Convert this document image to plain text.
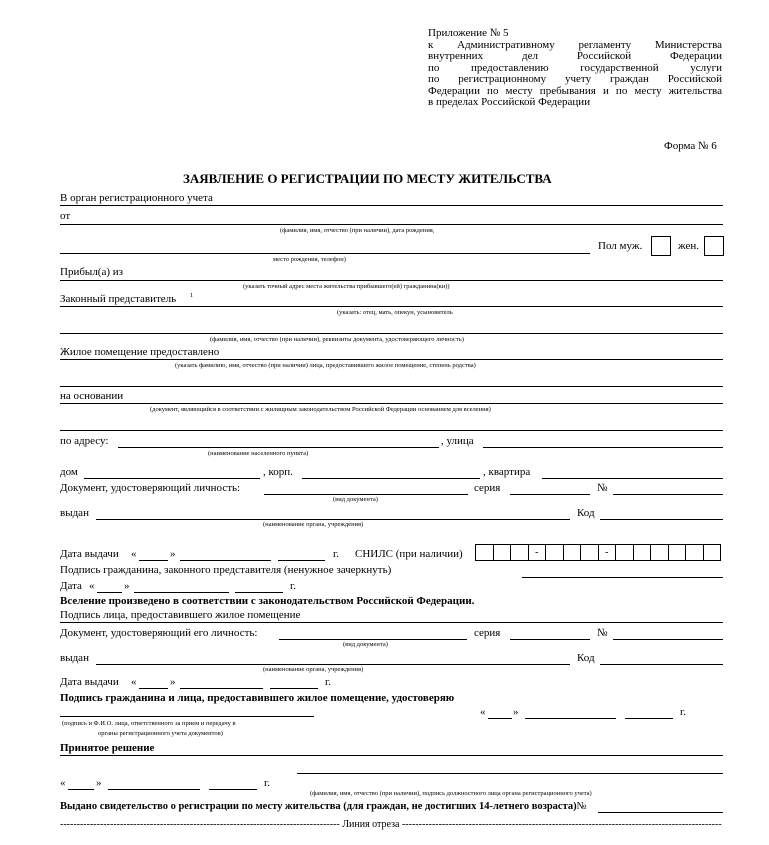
Приложение № 5
к Административному регламенту Министерства
внутренних дел Российской Федерации
по предоставлению государственной услуги
по регистрационному учету граждан Российской
Федерации по месту пребывания и по месту жительства
в пределах Российской Федерации
Форма № 6
ЗАЯВЛЕНИЕ О РЕГИСТРАЦИИ ПО МЕСТУ ЖИТЕЛЬСТВА
В орган регистрационного учета
от
(фамилия, имя, отчество (при наличии), дата рождения,
Пол муж.	жен.
место рождения, телефон)
Прибыл(а) из
(указать точный адрес места жительства прибывшего(ей) гражданина(ки))
Законный представитель 1
(указать: отец, мать, опекун, усыновитель
(фамилия, имя, отчество (при наличии), реквизиты документа, удостоверяющего личность)
Жилое помещение предоставлено
(указать фамилию, имя, отчество (при наличии) лица, предоставившего жилое помещение, степень родства)
на основании
(документ, являющийся в соответствии с жилищным законодательством Российской Федерации основанием для вселения)
по адресу:	, улица
(наименование населенного пункта)
дом	, корп.	, квартира
Документ, удостоверяющий личность:	серия	№
(вид документа)
выдан	Код
(наименование органа, учреждения)
Дата выдачи «	»	г. СНИЛС (при наличии)	-	-
Подпись гражданина, законного представителя (ненужное зачеркнуть)
Дата «	»	г.
Вселение произведено в соответствии с законодательством Российской Федерации.
Подпись лица, предоставившего жилое помещение
Документ, удостоверяющий его личность:	серия	№
(вид документа)
выдан	Код
(наименование органа, учреждения)
Дата выдачи «	»	г.
Подпись гражданина и лица, предоставившего жилое помещение, удостоверяю
(подпись и Ф.И.О. лица, ответственного за прием и передачу в
органы регистрационного учета документов)
«	»	г.
Принятое решение
«	»	г.
(фамилия, имя, отчество (при наличии), подпись должностного лица органа регистрационного учета)
Выдано свидетельство о регистрации по месту жительства (для граждан, не достигших 14-летнего возраста)№
------------------------------------------------------------------------------------ Линия отреза ------------------------------------------------------------------------------------------------
